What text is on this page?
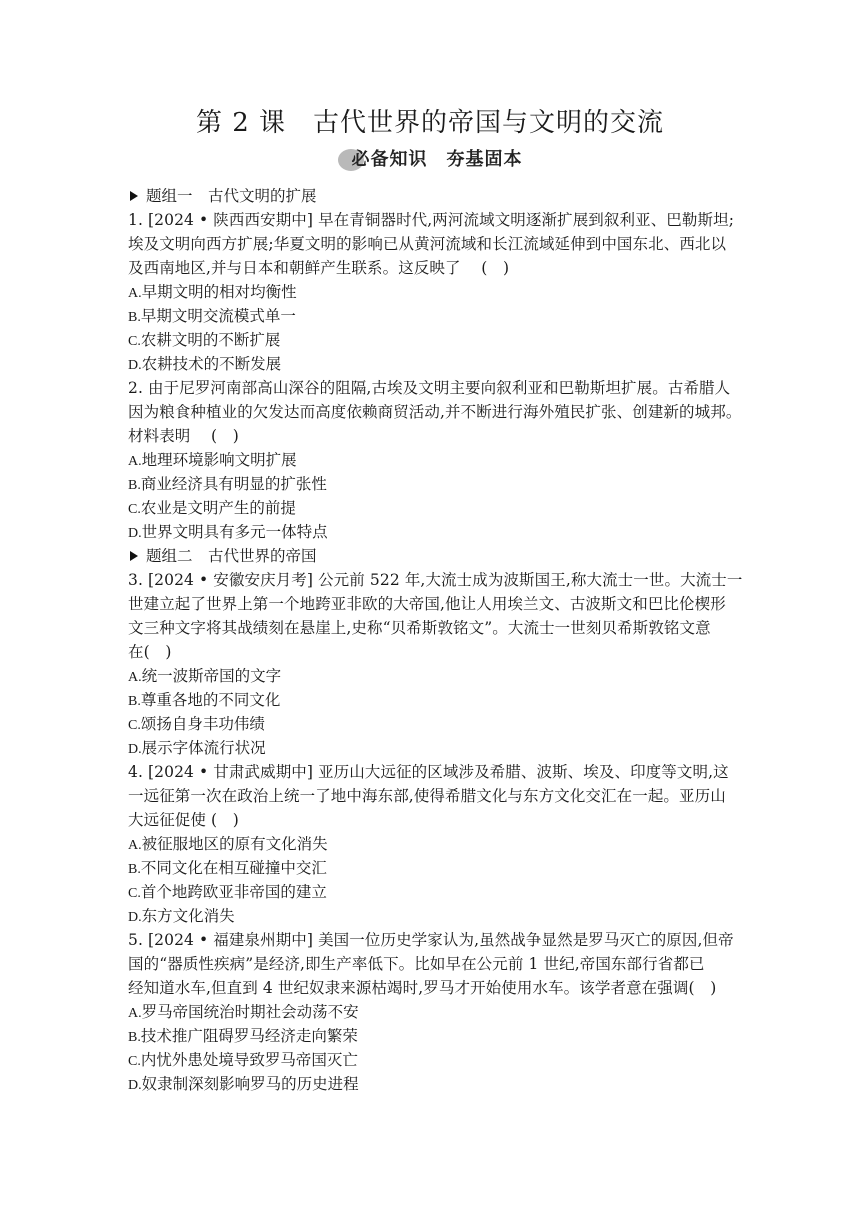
第 2 课　古代世界的帝国与文明的交流
必备知识　夯基固本
题组一　古代文明的扩展
1. [2024 • 陕西西安期中] 早在青铜器时代,两河流域文明逐渐扩展到叙利亚、巴勒斯坦;
埃及文明向西方扩展;华夏文明的影响已从黄河流域和长江流域延伸到中国东北、西北以
及西南地区,并与日本和朝鲜产生联系。这反映了　 (　)
A.早期文明的相对均衡性
B.早期文明交流模式单一
C.农耕文明的不断扩展
D.农耕技术的不断发展
2. 由于尼罗河南部高山深谷的阻隔,古埃及文明主要向叙利亚和巴勒斯坦扩展。古希腊人
因为粮食种植业的欠发达而高度依赖商贸活动,并不断进行海外殖民扩张、创建新的城邦。
材料表明　 (　)
A.地理环境影响文明扩展
B.商业经济具有明显的扩张性
C.农业是文明产生的前提
D.世界文明具有多元一体特点
题组二　古代世界的帝国
3. [2024 • 安徽安庆月考] 公元前 522 年,大流士成为波斯国王,称大流士一世。大流士一
世建立起了世界上第一个地跨亚非欧的大帝国,他让人用埃兰文、古波斯文和巴比伦楔形
文三种文字将其战绩刻在悬崖上,史称“贝希斯敦铭文”。大流士一世刻贝希斯敦铭文意
在(　)
A.统一波斯帝国的文字
B.尊重各地的不同文化
C.颂扬自身丰功伟绩
D.展示字体流行状况
4. [2024 • 甘肃武威期中] 亚历山大远征的区域涉及希腊、波斯、埃及、印度等文明,这
一远征第一次在政治上统一了地中海东部,使得希腊文化与东方文化交汇在一起。亚历山
大远征促使 (　)
A.被征服地区的原有文化消失
B.不同文化在相互碰撞中交汇
C.首个地跨欧亚非帝国的建立
D.东方文化消失
5. [2024 • 福建泉州期中] 美国一位历史学家认为,虽然战争显然是罗马灭亡的原因,但帝
国的“器质性疾病”是经济,即生产率低下。比如早在公元前 1 世纪,帝国东部行省都已
经知道水车,但直到 4 世纪奴隶来源枯竭时,罗马才开始使用水车。该学者意在强调(　)
A.罗马帝国统治时期社会动荡不安
B.技术推广阻碍罗马经济走向繁荣
C.内忧外患处境导致罗马帝国灭亡
D.奴隶制深刻影响罗马的历史进程
